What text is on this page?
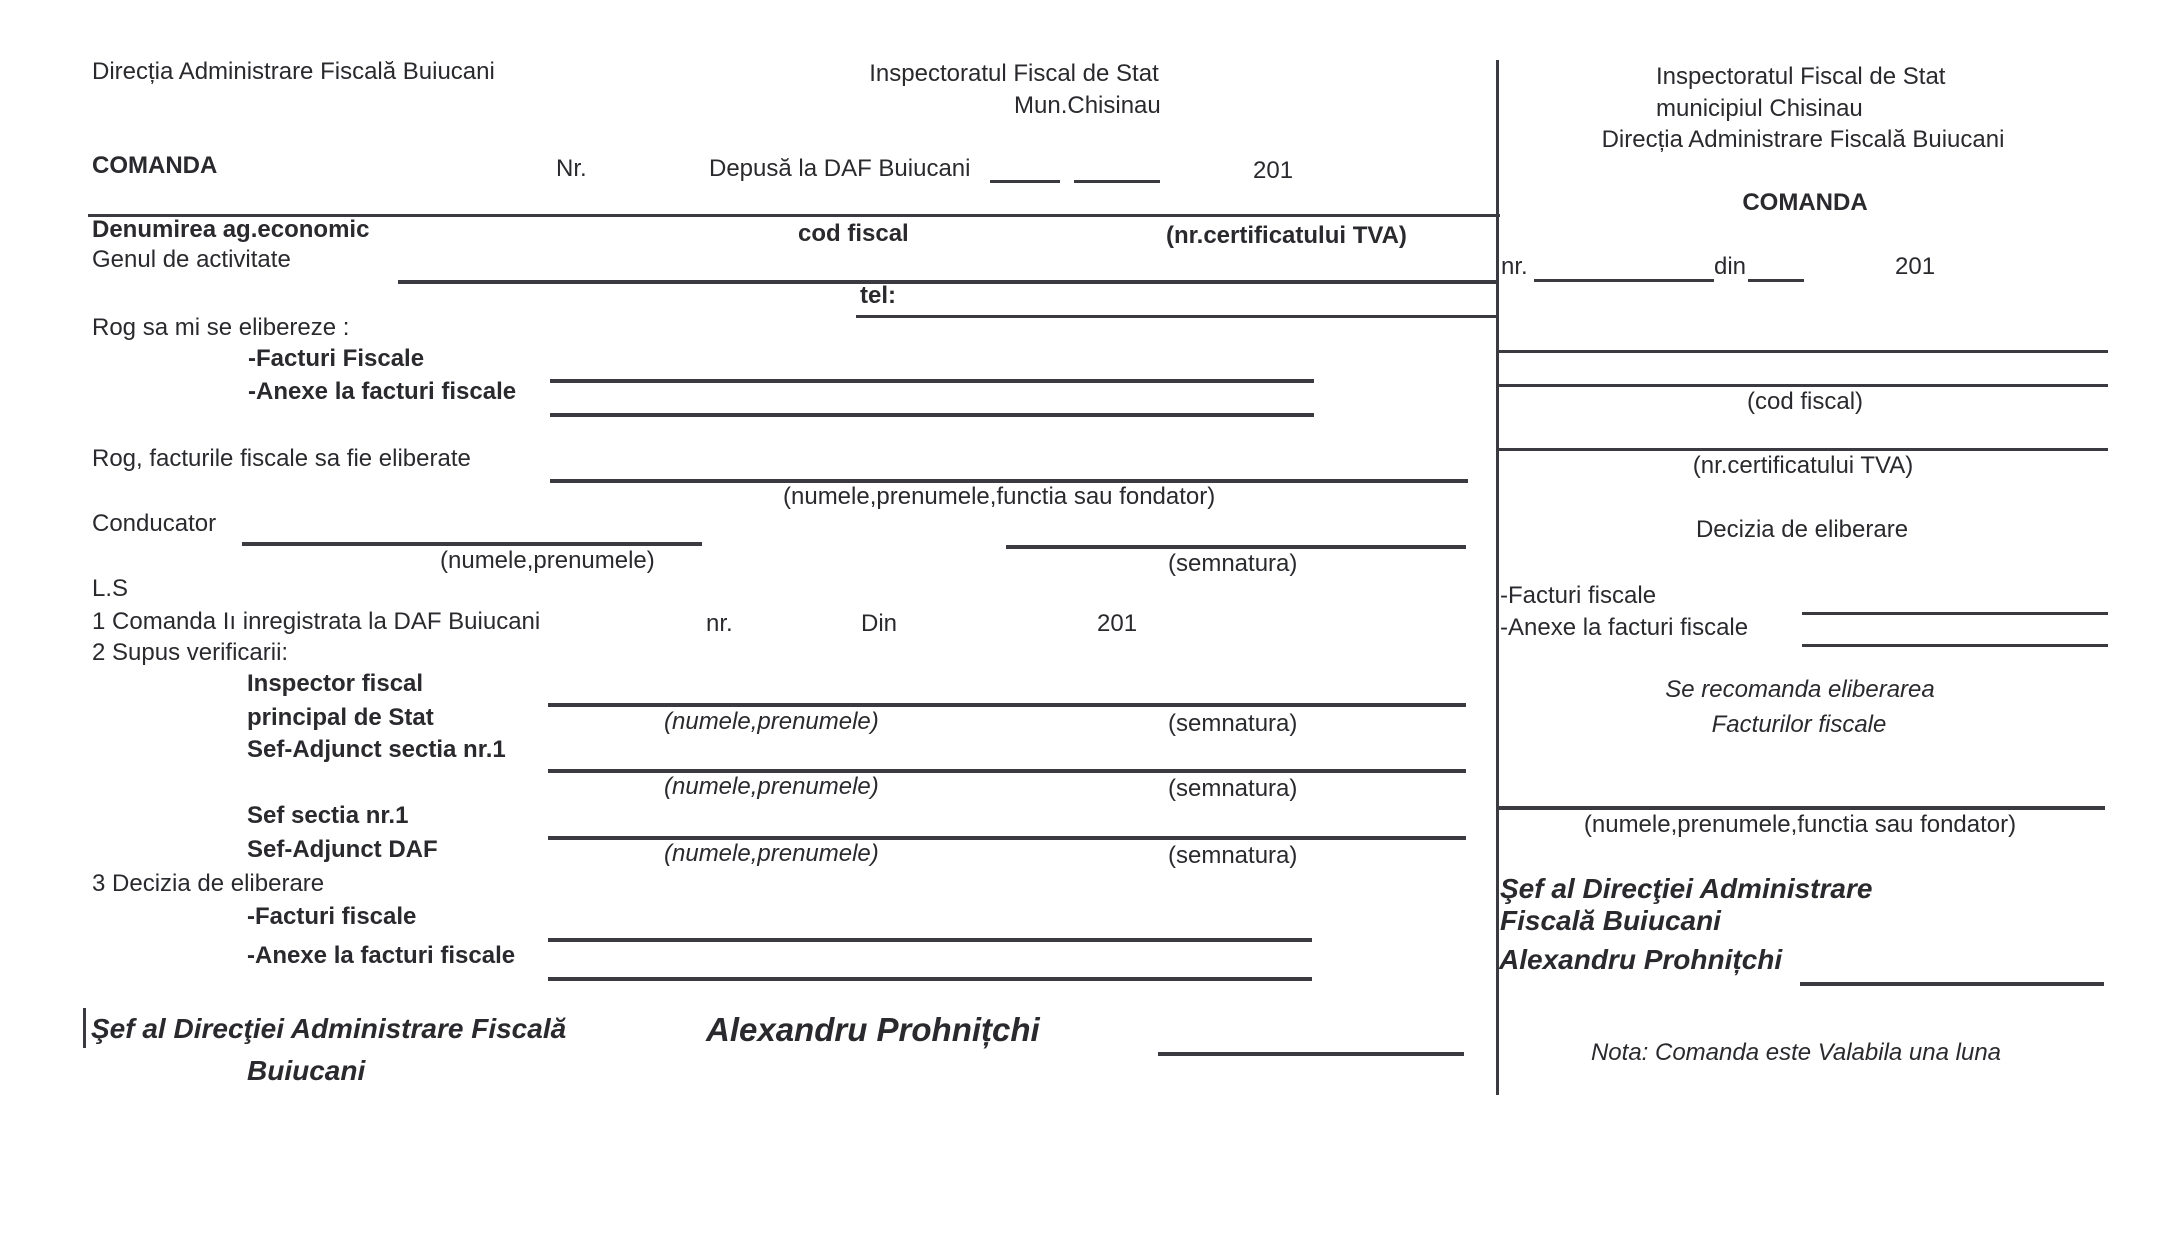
Direcția Administrare Fiscală Buiucani	Inspectoratul Fiscal de Stat
Mun.Chisinau
COMANDA	Nr.	Depusă la DAF Buiucani	201
Denumirea ag.economic	cod fiscal	(nr.certificatului TVA)
Genul de activitate
tel:
Rog sa mi se elibereze :
-Facturi Fiscale
-Anexe la facturi fiscale
Rog, facturile fiscale sa fie eliberate
(numele,prenumele,functia sau fondator)
Conducator
(numele,prenumele)	(semnatura)
L.S
1 Comanda Iı inregistrata la DAF Buiucani	nr.	Din	201
2 Supus verificarii:
Inspector fiscal
principal de Stat	(numele,prenumele)	(semnatura)
Sef-Adjunct sectia nr.1
(numele,prenumele)	(semnatura)
Sef sectia nr.1
Sef-Adjunct DAF	(numele,prenumele)	(semnatura)
3 Decizia de eliberare
-Facturi fiscale
-Anexe la facturi fiscale
Şef al Direcţiei Administrare Fiscală
Buiucani
Alexandru Prohnițchi
Inspectoratul Fiscal de Stat
municipiul Chisinau
Direcția Administrare Fiscală Buiucani
COMANDA
nr.	din	201
(cod fiscal)
(nr.certificatului TVA)
Decizia de eliberare
-Facturi fiscale
-Anexe la facturi fiscale
Se recomanda eliberarea
Facturilor fiscale
(numele,prenumele,functia sau fondator)
Şef al Direcţiei Administrare
Fiscală Buiucani
Alexandru Prohnițchi
Nota: Comanda este Valabila una luna
